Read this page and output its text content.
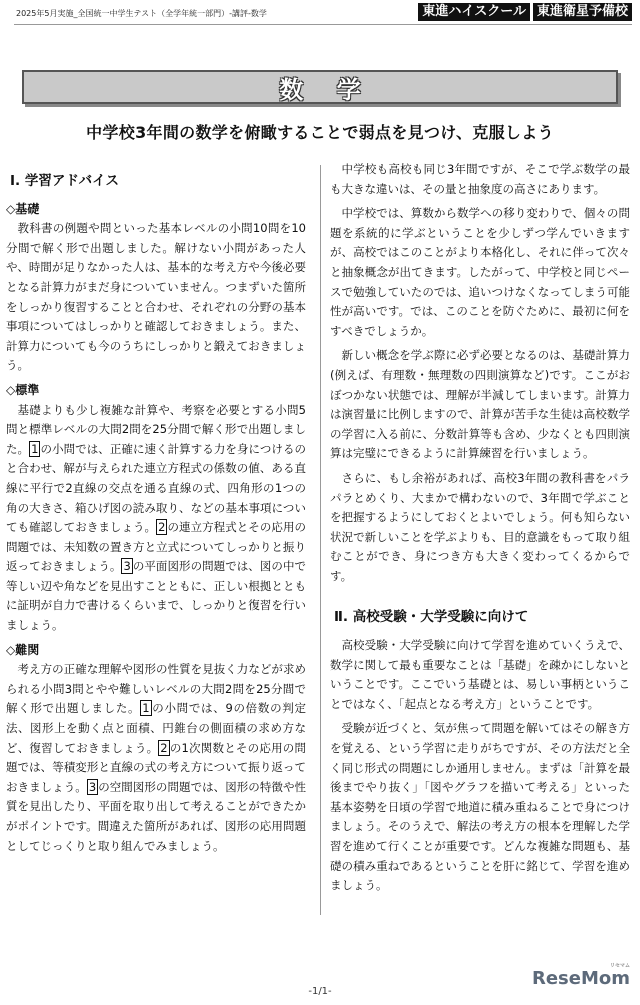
2025年5月実施_全国統一中学生テスト（全学年統一部門）-講評-数学	東進ハイスクール 東進衛星予備校
数学
中学校3年間の数学を俯瞰することで弱点を見つけ、克服しよう
Ⅰ. 学習アドバイス
◇基礎

教科書の例題や問といった基本レベルの小問10問を10分間で解く形で出題しました。解けない小問があった人や、時間が足りなかった人は、基本的な考え方や今後必要となる計算力がまだ身についていません。つまずいた箇所をしっかり復習することと合わせ、それぞれの分野の基本事項についてはしっかりと確認しておきましょう。また、計算力についても今のうちにしっかりと鍛えておきましょう。

◇標準

基礎よりも少し複雑な計算や、考察を必要とする小問5問と標準レベルの大問2問を25分間で解く形で出題しました。 1 の小問では、正確に速く計算する力を身につけるのと合わせ、解が与えられた連立方程式の係数の値、ある直線に平行で2直線の交点を通る直線の式、四角形の1つの角の大きさ、箱ひげ図の読み取り、などの基本事項についても確認しておきましょう。 2 の連立方程式とその応用の問題では、未知数の置き方と立式についてしっかりと振り返っておきましょう。 3 の平面図形の問題では、図の中で等しい辺や角などを見出すことともに、正しい根拠とともに証明が自力で書けるくらいまで、しっかりと復習を行いましょう。

◇難関

考え方の正確な理解や図形の性質を見抜く力などが求められる小問3問とやや難しいレベルの大問2問を25分間で解く形で出題しました。 1 の小問では、9の倍数の判定法、図形上を動く点と面積、円錐台の側面積の求め方など、復習しておきましょう。 2 の1次関数とその応用の問題では、等積変形と直線の式の考え方について振り返っておきましょう。 3 の空間図形の問題では、図形の特徴や性質を見出したり、平面を取り出して考えることができたかがポイントです。間違えた箇所があれば、図形の応用問題としてじっくりと取り組んでみましょう。

中学校も高校も同じ3年間ですが、そこで学ぶ数学の最も大きな違いは、その量と抽象度の高さにあります。

中学校では、算数から数学への移り変わりで、個々の問題を系統的に学ぶということを少しずつ学んでいきますが、高校ではこのことがより本格化し、それに伴って次々と抽象概念が出てきます。したがって、中学校と同じペースで勉強していたのでは、追いつけなくなってしまう可能性が高いです。では、このことを防ぐために、最初に何をすべきでしょうか。

新しい概念を学ぶ際に必ず必要となるのは、基礎計算力(例えば、有理数・無理数の四則演算など)です。ここがおぼつかない状態では、理解が半減してしまいます。計算力は演習量に比例しますので、計算が苦手な生徒は高校数学の学習に入る前に、分数計算等も含め、少なくとも四則演算は完璧にできるように計算練習を行いましょう。

さらに、もし余裕があれば、高校3年間の教科書をパラパラとめくり、大まかで構わないので、3年間で学ぶことを把握するようにしておくとよいでしょう。何も知らない状況で新しいことを学ぶよりも、目的意識をもって取り組むことができ、身につき方も大きく変わってくるからです。

Ⅱ. 高校受験・大学受験に向けて

高校受験・大学受験に向けて学習を進めていくうえで、数学に関して最も重要なことは「基礎」を疎かにしないということです。ここでいう基礎とは、易しい事柄ということではなく、「起点となる考え方」ということです。

受験が近づくと、気が焦って問題を解いてはその解き方を覚える、という学習に走りがちですが、その方法だと全く同じ形式の問題にしか通用しません。まずは「計算を最後までやり抜く」「図やグラフを描いて考える」といった基本姿勢を日頃の学習で地道に積み重ねることで身につけましょう。そのうえで、解法の考え方の根本を理解した学習を進めて行くことが重要です。どんな複雑な問題も、基礎の積み重ねであるということを肝に銘じて、学習を進めましょう。

-1/1-
ReseMom
リセマム
